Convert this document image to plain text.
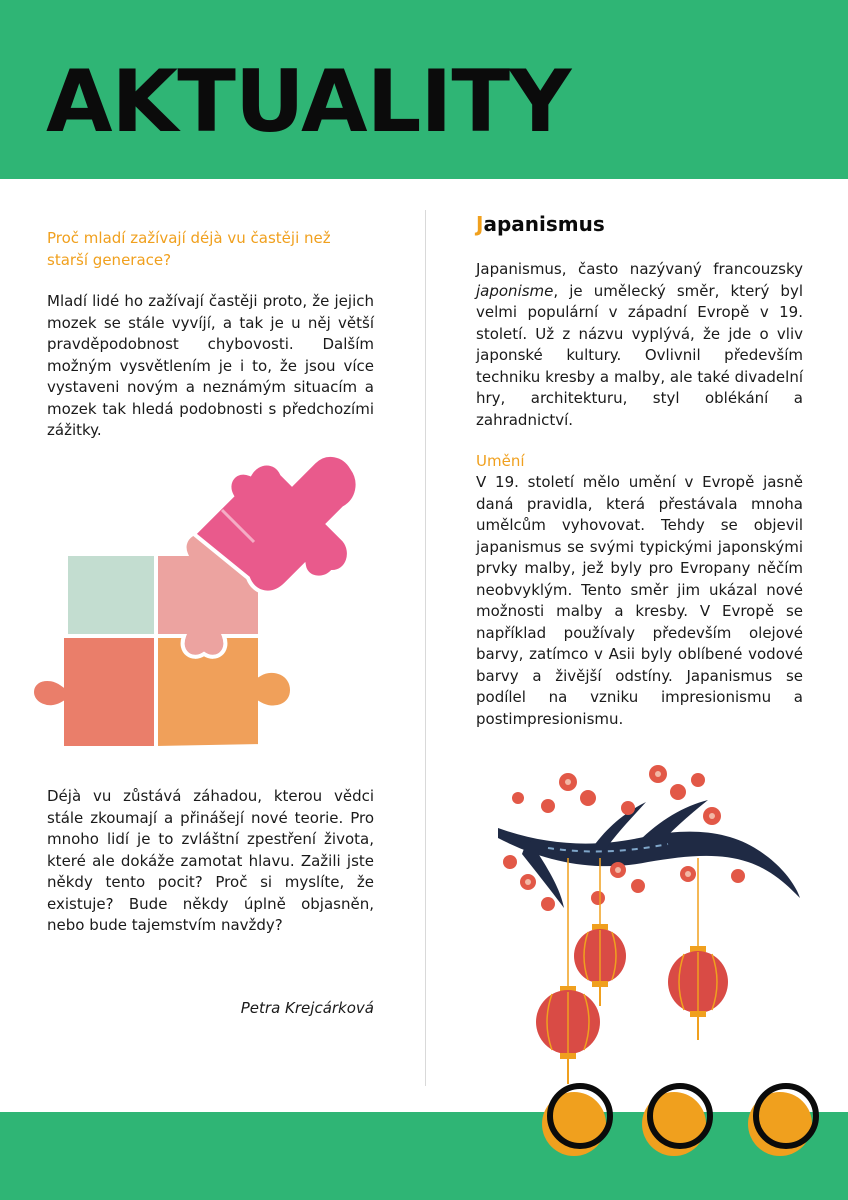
AKTUALITY

Proč mladí zažívají déjà vu častěji než starší generace?

Mladí lidé ho zažívají častěji proto, že jejich mozek se stále vyvíjí, a tak je u něj větší pravděpodobnost chybovosti. Dalším možným vysvětlením je i to, že jsou více vystaveni novým a neznámým situacím a mozek tak hledá podobnosti s předchozími zážitky.

Déjà vu zůstává záhadou, kterou vědci stále zkoumají a přinášejí nové teorie. Pro mnoho lidí je to zvláštní zpestření života, které ale dokáže zamotat hlavu. Zažili jste někdy tento pocit? Proč si myslíte, že existuje? Bude někdy úplně objasněn, nebo bude tajemstvím navždy?

Petra Krejcárková
Japanismus

Japanismus, často nazývaný francouzsky japonisme, je umělecký směr, který byl velmi populární v západní Evropě v 19. století. Už z názvu vyplývá, že jde o vliv japonské kultury. Ovlivnil především techniku kresby a malby, ale také divadelní hry, architekturu, styl oblékání a zahradnictví.

Umění

V 19. století mělo umění v Evropě jasně daná pravidla, která přestávala mnoha umělcům vyhovovat. Tehdy se objevil japanismus se svými typickými japonskými prvky malby, jež byly pro Evropany něčím neobvyklým. Tento směr jim ukázal nové možnosti malby a kresby. V Evropě se například používaly především olejové barvy, zatímco v Asii byly oblíbené vodové barvy a živější odstíny. Japanismus se podílel na vzniku impresionismu a postimpresionismu.
